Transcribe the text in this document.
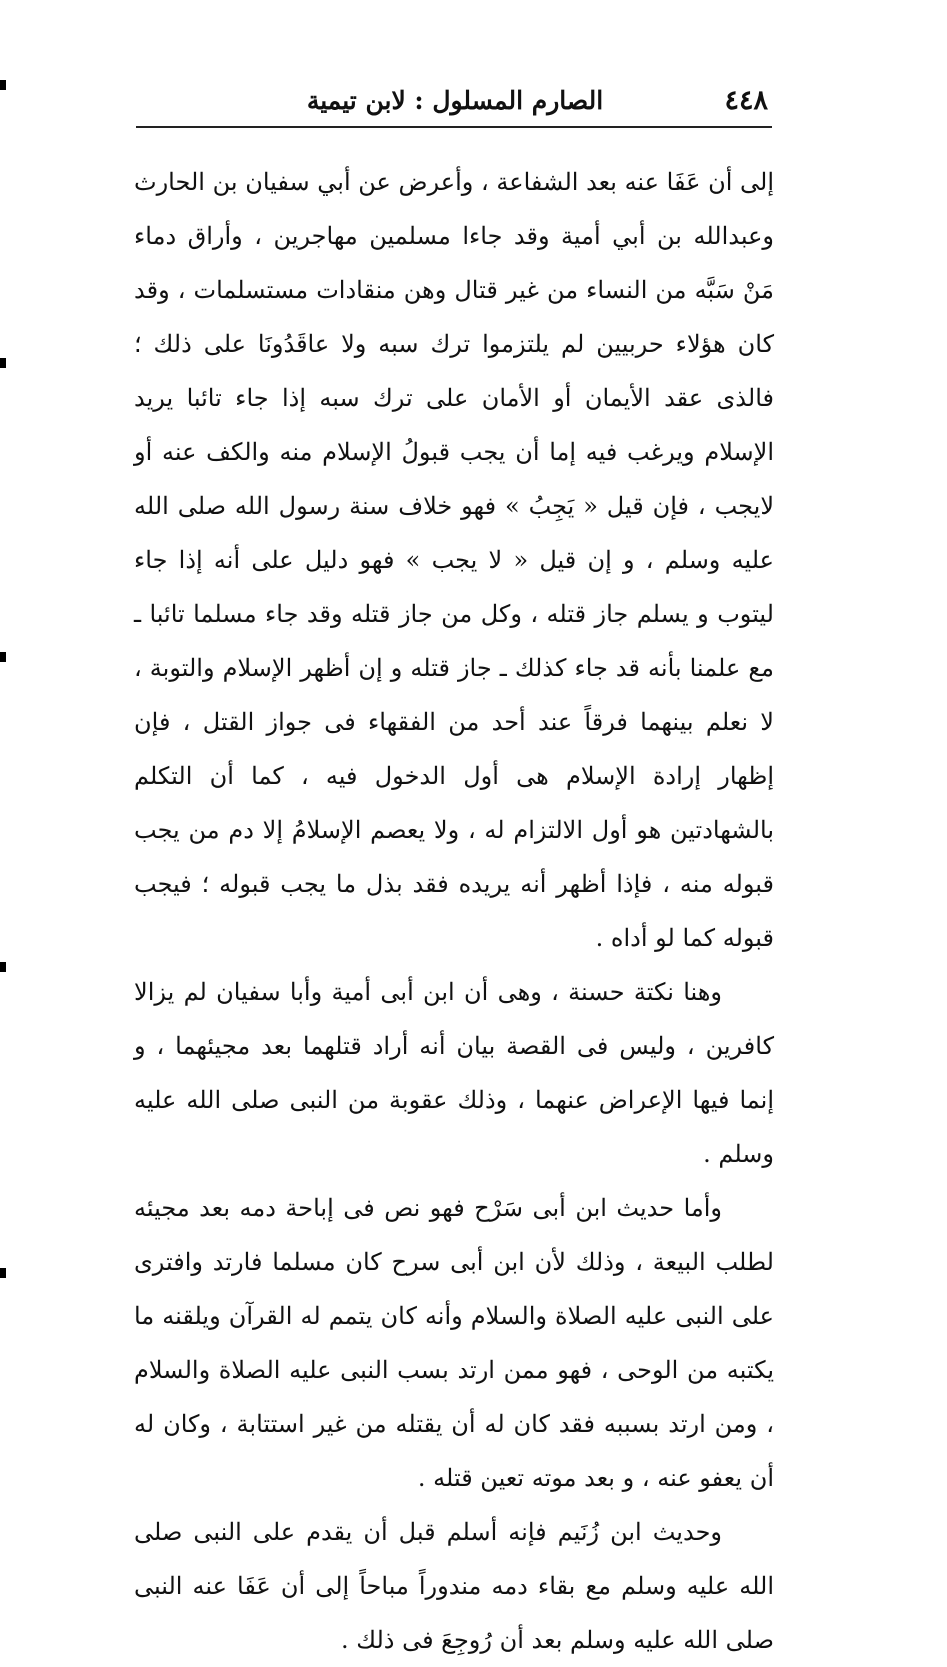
٤٤٨
الصارم المسلول : لابن تيمية

إلى أن عَفَا عنه بعد الشفاعة ، وأعرض عن أبي سفيان بن الحارث وعبدالله بن أبي أمية وقد جاءا مسلمين مهاجرين ، وأراق دماء مَنْ سَبَّه من النساء من غير قتال وهن منقادات مستسلمات ، وقد كان هؤلاء حربيين لم يلتزموا ترك سبه ولا عاقَدُونَا على ذلك ؛ فالذى عقد الأيمان أو الأمان على ترك سبه إذا جاء تائبا يريد الإسلام ويرغب فيه إما أن يجب قبولُ الإسلام منه والكف عنه أو لايجب ، فإن قيل « يَجِبُ » فهو خلاف سنة رسول الله صلى الله عليه وسلم ، و إن قيل « لا يجب » فهو دليل على أنه إذا جاء ليتوب و يسلم جاز قتله ، وكل من جاز قتله وقد جاء مسلما تائبا ـ مع علمنا بأنه قد جاء كذلك ـ جاز قتله و إن أظهر الإسلام والتوبة ، لا نعلم بينهما فرقاً عند أحد من الفقهاء فى جواز القتل ، فإن إظهار إرادة الإسلام هى أول الدخول فيه ، كما أن التكلم بالشهادتين هو أول الالتزام له ، ولا يعصم الإسلامُ إلا دم من يجب قبوله منه ، فإذا أظهر أنه يريده فقد بذل ما يجب قبوله ؛ فيجب قبوله كما لو أداه .

وهنا نكتة حسنة ، وهى أن ابن أبى أمية وأبا سفيان لم يزالا كافرين ، وليس فى القصة بيان أنه أراد قتلهما بعد مجيئهما ، و إنما فيها الإعراض عنهما ، وذلك عقوبة من النبى صلى الله عليه وسلم .

وأما حديث ابن أبى سَرْح فهو نص فى إباحة دمه بعد مجيئه لطلب البيعة ، وذلك لأن ابن أبى سرح كان مسلما فارتد وافترى على النبى عليه الصلاة والسلام وأنه كان يتمم له القرآن ويلقنه ما يكتبه من الوحى ، فهو ممن ارتد بسب النبى عليه الصلاة والسلام ، ومن ارتد بسببه فقد كان له أن يقتله من غير استتابة ، وكان له أن يعفو عنه ، و بعد موته تعين قتله .

وحديث ابن زُنَيم فإنه أسلم قبل أن يقدم على النبى صلى الله عليه وسلم مع بقاء دمه مندوراً مباحاً إلى أن عَفَا عنه النبى صلى الله عليه وسلم بعد أن رُوجِعَ فى ذلك .
